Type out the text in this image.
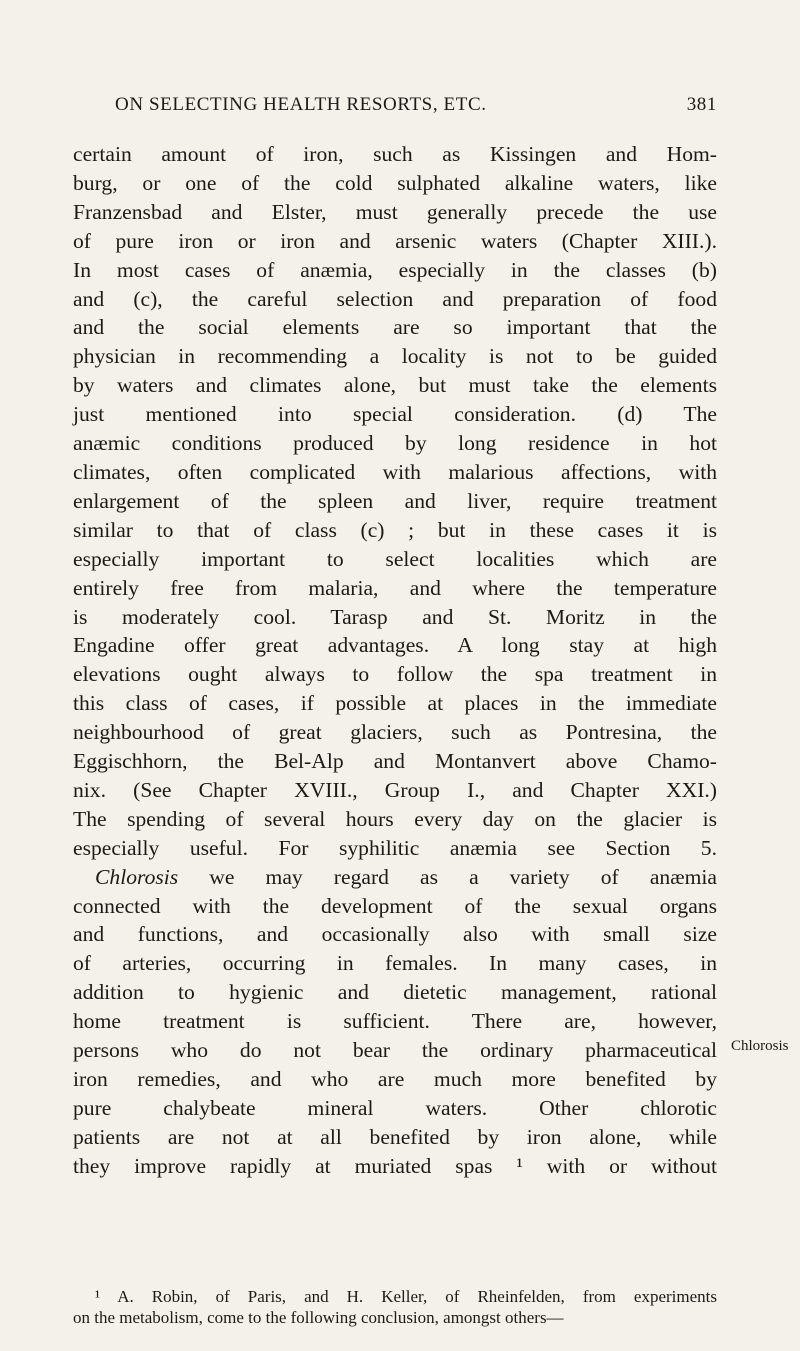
ON SELECTING HEALTH RESORTS, ETC.	381
certain amount of iron, such as Kissingen and Hom-
burg, or one of the cold sulphated alkaline waters, like
Franzensbad and Elster, must generally precede the use
of pure iron or iron and arsenic waters (Chapter XIII.).
In most cases of anæmia, especially in the classes (b)
and (c), the careful selection and preparation of food
and the social elements are so important that the
physician in recommending a locality is not to be guided
by waters and climates alone, but must take the elements
just mentioned into special consideration. (d) The
anæmic conditions produced by long residence in hot
climates, often complicated with malarious affections, with
enlargement of the spleen and liver, require treatment
similar to that of class (c) ; but in these cases it is
especially important to select localities which are
entirely free from malaria, and where the temperature
is moderately cool. Tarasp and St. Moritz in the
Engadine offer great advantages. A long stay at high
elevations ought always to follow the spa treatment in
this class of cases, if possible at places in the immediate
neighbourhood of great glaciers, such as Pontresina, the
Eggischhorn, the Bel-Alp and Montanvert above Chamo-
nix. (See Chapter XVIII., Group I., and Chapter XXI.)
The spending of several hours every day on the glacier is
especially useful. For syphilitic anæmia see Section 5.
Chlorosis we may regard as a variety of anæmia
connected with the development of the sexual organs
and functions, and occasionally also with small size
of arteries, occurring in females. In many cases, in
addition to hygienic and dietetic management, rational
home treatment is sufficient. There are, however,
persons who do not bear the ordinary pharmaceutical
iron remedies, and who are much more benefited by
pure chalybeate mineral waters. Other chlorotic
patients are not at all benefited by iron alone, while
they improve rapidly at muriated spas ¹ with or without
Chlorosis
¹ A. Robin, of Paris, and H. Keller, of Rheinfelden, from experiments
on the metabolism, come to the following conclusion, amongst others—
